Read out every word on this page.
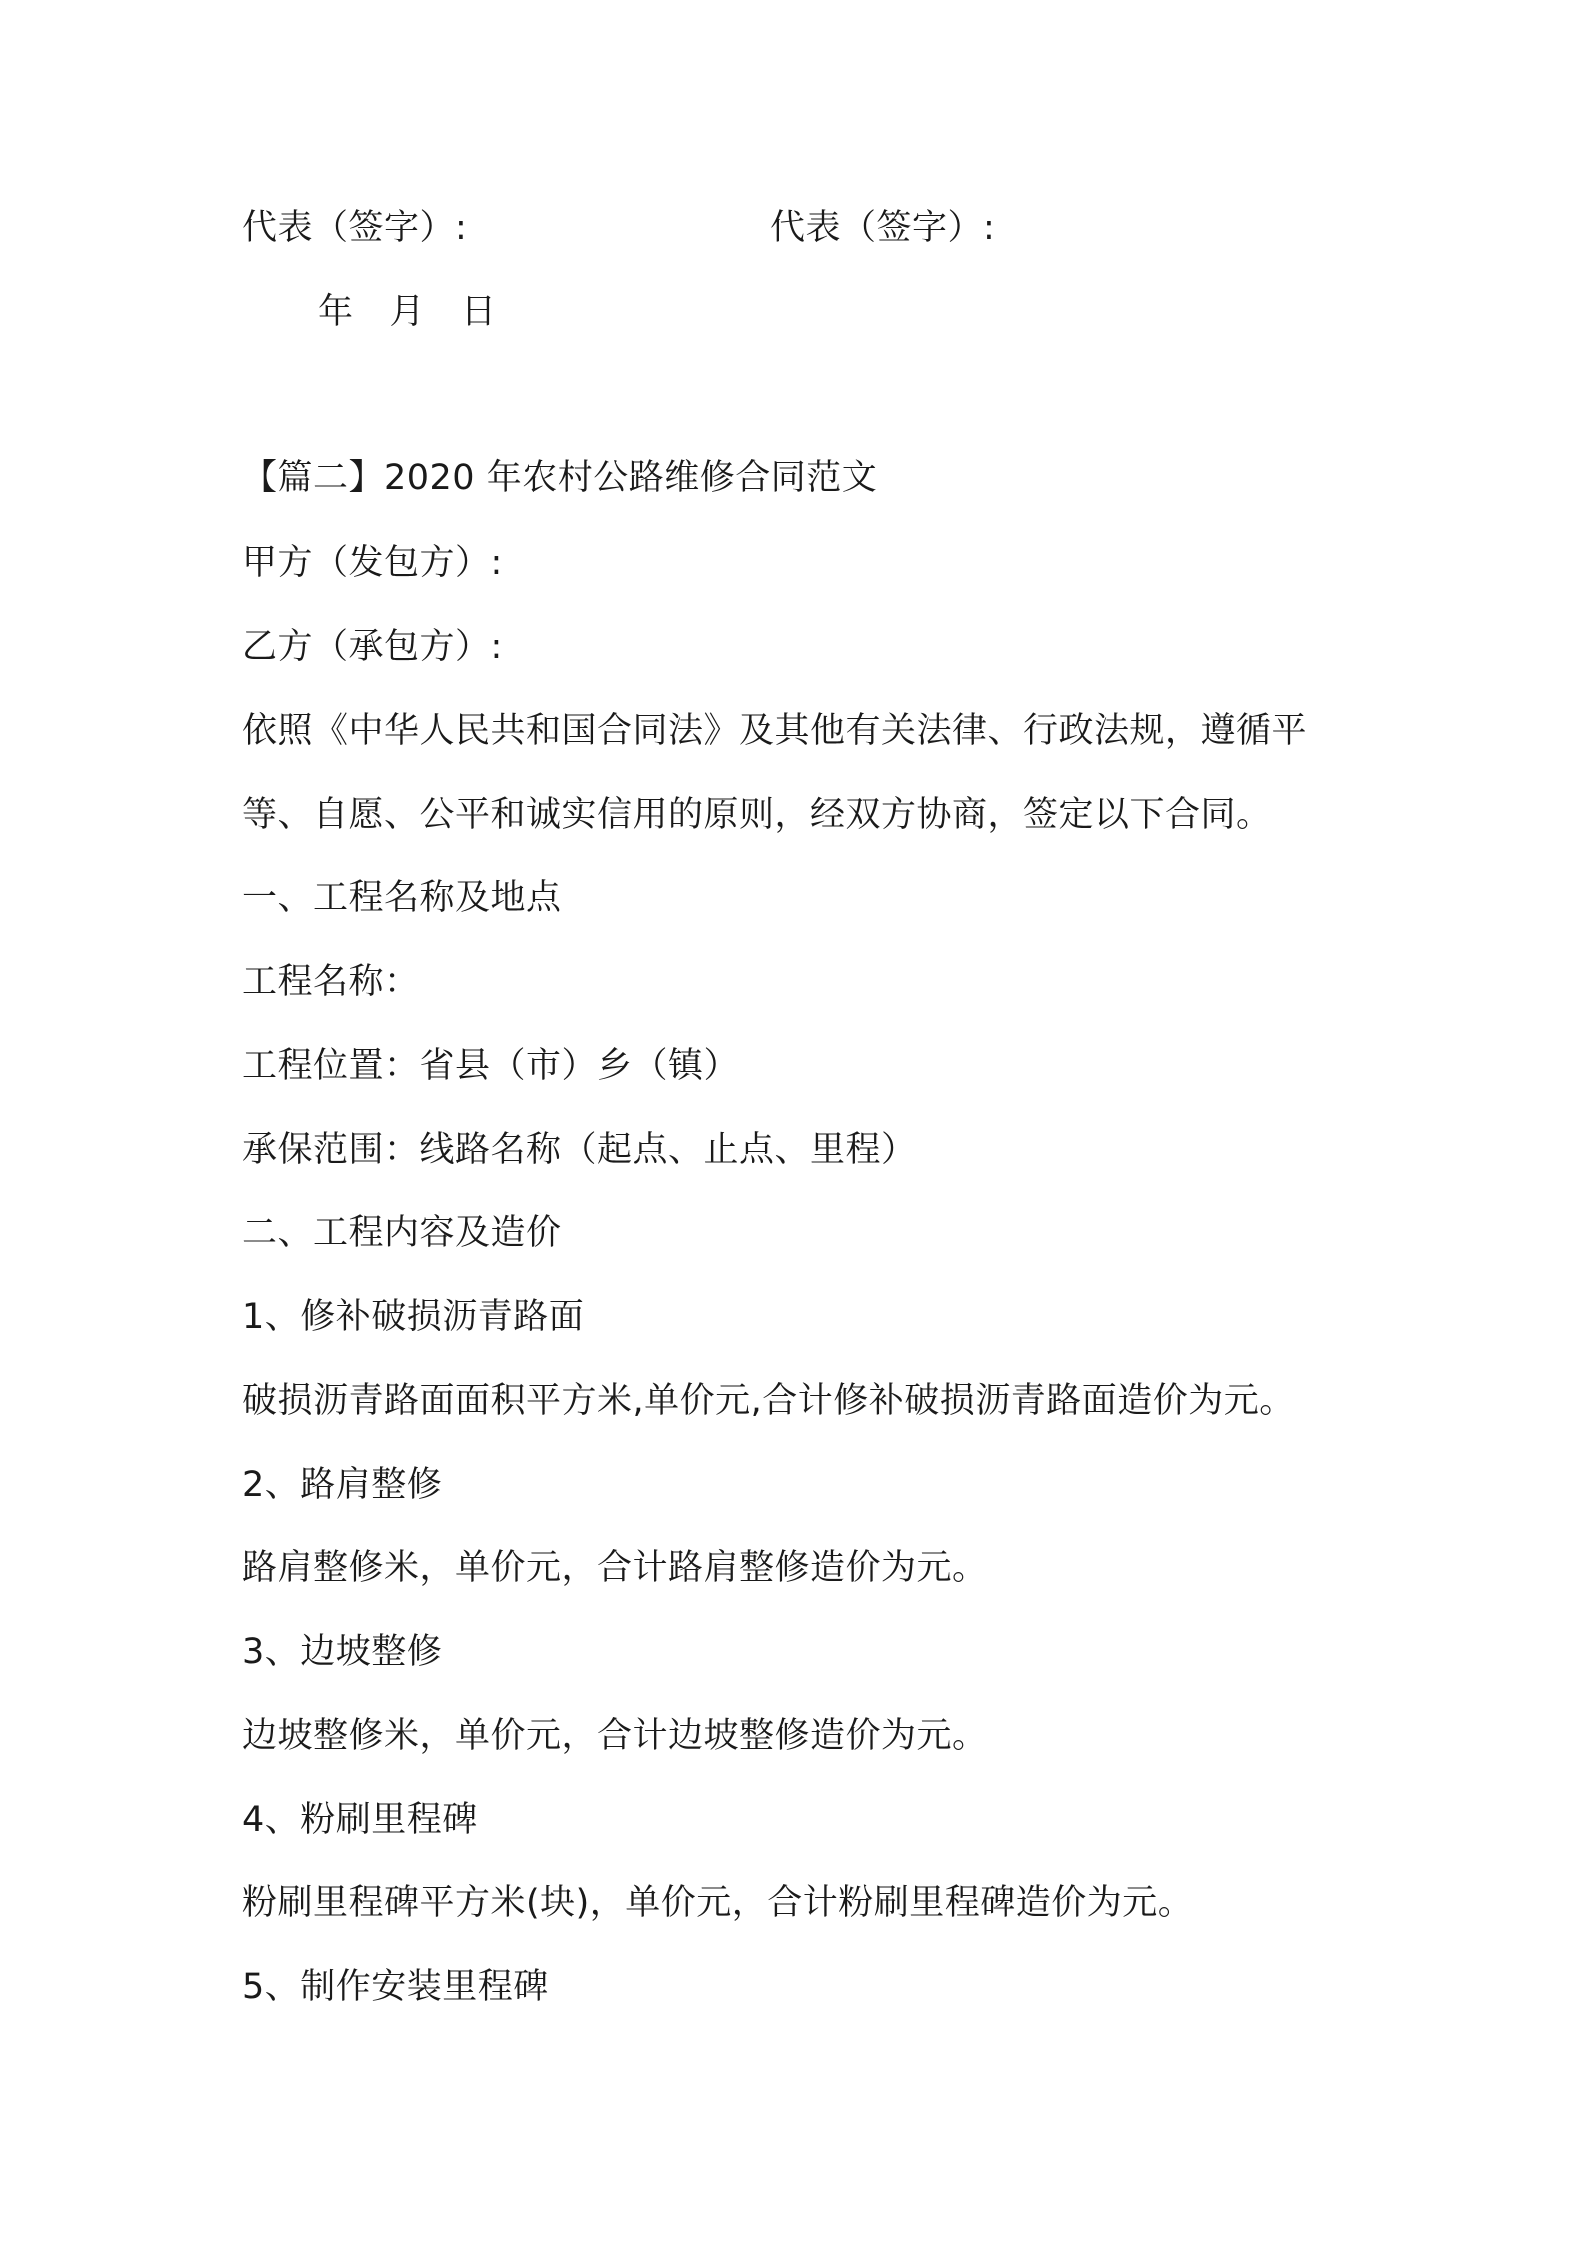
代表（签字）:	代表（签字）:
年 月 日
【篇二】2020 年农村公路维修合同范文
甲方（发包方）:
乙方（承包方）:
依照《中华人民共和国合同法》及其他有关法律、行政法规，遵循平
等、自愿、公平和诚实信用的原则，经双方协商，签定以下合同。
一、工程名称及地点
工程名称：
工程位置：省县（市）乡（镇）
承保范围：线路名称（起点、止点、里程）
二、工程内容及造价
1、修补破损沥青路面
破损沥青路面面积平方米,单价元,合计修补破损沥青路面造价为元。
2、路肩整修
路肩整修米，单价元，合计路肩整修造价为元。
3、边坡整修
边坡整修米，单价元，合计边坡整修造价为元。
4、粉刷里程碑
粉刷里程碑平方米(块)，单价元，合计粉刷里程碑造价为元。
5、制作安装里程碑
